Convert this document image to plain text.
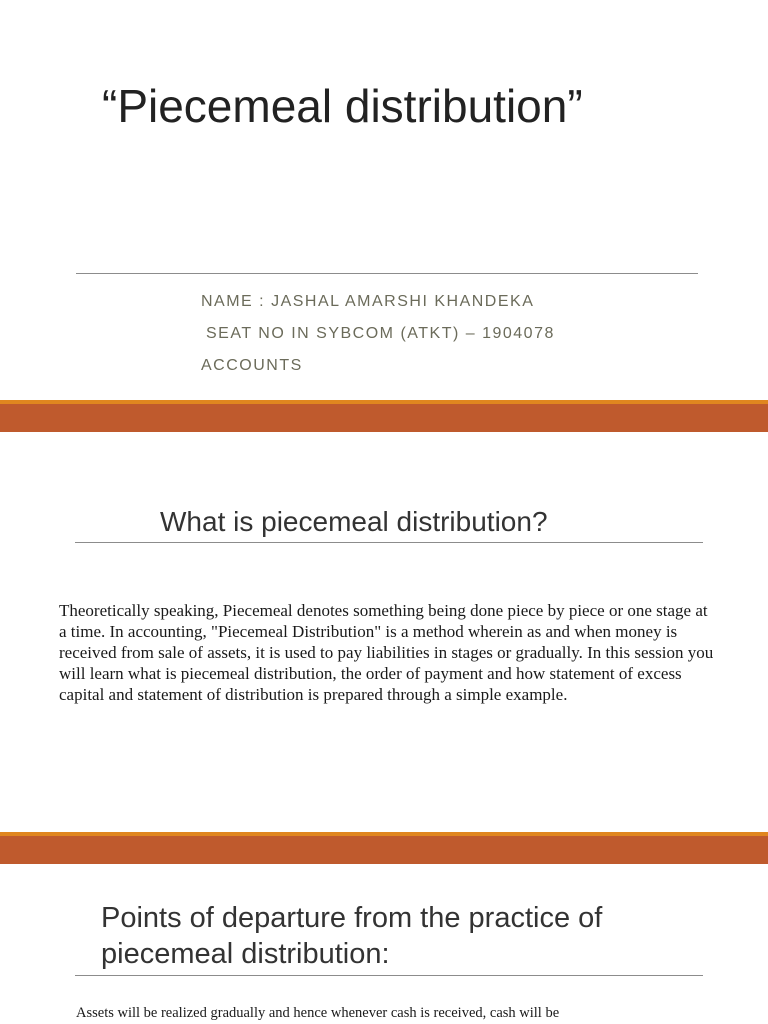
“Piecemeal distribution”
NAME : JASHAL AMARSHI KHANDEKA
SEAT NO IN SYBCOM (ATKT) – 1904078
ACCOUNTS
What is piecemeal distribution?
Theoretically speaking, Piecemeal denotes something being done piece by piece or one stage at a time. In accounting, "Piecemeal Distribution" is a method wherein as and when money is received from sale of assets, it is used to pay liabilities in stages or gradually. In this session you will learn what is piecemeal distribution, the order of payment and how statement of excess capital and statement of distribution is prepared through a simple example.
Points of departure from the practice of piecemeal distribution:
Assets will be realized gradually and hence whenever cash is received, cash will be
